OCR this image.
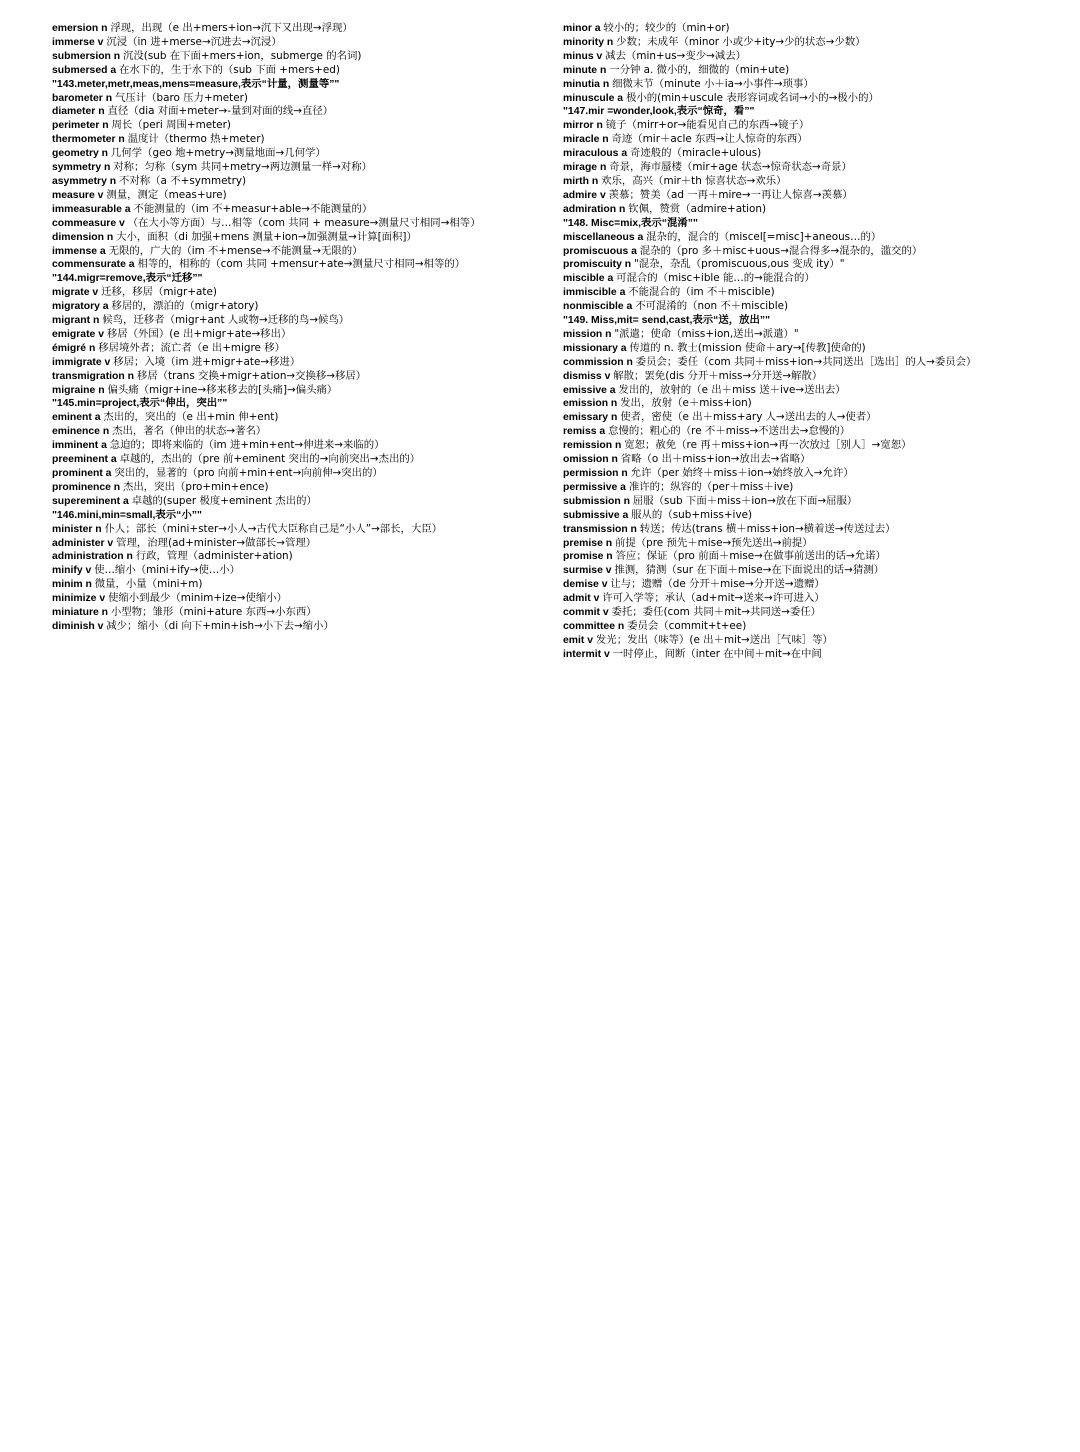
emersion n 浮现，出现（e 出+mers+ion→沉下又出现→浮现）

immerse v 沉浸（in 进+merse→沉进去→沉浸）

submersion n 沉没(sub 在下面+mers+ion，submerge 的名词)

submersed a 在水下的，生于水下的（sub 下面 +mers+ed)

"143.meter,metr,meas,mens=measure,表示“计量，测量等”"

barometer n 气压计（baro 压力+meter)

diameter n 直径（dia 对面+meter→-量到对面的线→直径）

perimeter n 周长（peri 周围+meter)

thermometer n 温度计（thermo 热+meter)

geometry n 几何学（geo 地+metry→测量地面→几何学）

symmetry n 对称；匀称（sym 共同+metry→两边测量一样→对称）

asymmetry n 不对称（a 不+symmetry)

measure v 测量，测定（meas+ure)

immeasurable a 不能测量的（im 不+measur+able→不能测量的）

commeasure v （在大小等方面）与…相等（com 共同 + measure→测量尺寸相同→相等）

dimension n 大小，面积（di 加强+mens 测量+ion→加强测量→计算[面积]）

immense a 无限的，广大的（im 不+mense→不能测量→无限的）

commensurate a 相等的，相称的（com 共同 +mensur+ate→测量尺寸相同→相等的）

"144.migr=remove,表示“迁移”"

migrate v 迁移，移居（migr+ate)

migratory a 移居的，漂泊的（migr+atory)

migrant n 候鸟，迁移者（migr+ant 人或物→迁移的鸟→候鸟）

emigrate v 移居（外国）(e 出+migr+ate→移出）

émigré n 移居境外者；流亡者（e 出+migre 移）

immigrate v 移居；入境（im 进+migr+ate→移进）

transmigration n 移居（trans 交换+migr+ation→交换移→移居）

migraine n 偏头痛（migr+ine→移来移去的[头痛]→偏头痛）

"145.min=project,表示“伸出，突出”"

eminent a 杰出的，突出的（e 出+min 伸+ent)

eminence n 杰出，著名（伸出的状态→著名）

imminent a 急迫的；即将来临的（im 进+min+ent→伸进来→来临的）

preeminent a 卓越的，杰出的（pre 前+eminent 突出的→向前突出→杰出的）

prominent a 突出的，显著的（pro 向前+min+ent→向前伸→突出的）

prominence n 杰出，突出（pro+min+ence)

supereminent a 卓越的(super 极度+eminent 杰出的）

"146.mini,min=small,表示“小”"

minister n 仆人；部长（mini+ster→小人→古代大臣称自己是“小人”→部长，大臣）

administer v 管理，治理(ad+minister→做部长→管理）

administration n 行政，管理（administer+ation)

minify v 使…缩小（mini+ify→使…小）

minim n 微量，小量（mini+m)

minimize v 使缩小到最少（minim+ize→使缩小）

miniature n 小型物；雏形（mini+ature 东西→小东西）

diminish v 减少；缩小（di 向下+min+ish→小下去→缩小）

minor a 较小的；较少的（min+or)

minority n 少数；未成年（minor 小或少+ity→少的状态→少数）

minus v 减去（min+us→变少→减去）

minute n 一分钟 a. 微小的，细微的（min+ute)

minutia n 细微末节（minute 小＋ia→小事件→琐事）

minuscule a 极小的(min+uscule 表形容词或名词→小的→极小的）

"147.mir =wonder,look,表示“惊奇，看”"

mirror n 镜子（mirr+or→能看见自己的东西→镜子）

miracle n 奇迹（mir＋acle 东西→让人惊奇的东西）

miraculous a 奇迹般的（miracle+ulous)

mirage n 奇景，海市蜃楼（mir+age 状态→惊奇状态→奇景）

mirth n 欢乐，高兴（mir＋th 惊喜状态→欢乐）

admire v 羡慕；赞美（ad 一再＋mire→一再让人惊喜→羡慕）

admiration n 钦佩，赞赏（admire+ation)

"148. Misc=mix,表示“混淆”"

miscellaneous a 混杂的，混合的（miscel[=misc]+aneous…的）

promiscuous a 混杂的（pro 多＋misc+uous→混合得多→混杂的，滥交的）

promiscuity n "混杂，杂乱（promiscuous,ous 变成 ity）"

miscible a 可混合的（misc+ible 能…的→能混合的）

immiscible a 不能混合的（im 不＋miscible)

nonmiscible a 不可混淆的（non 不＋miscible)

"149. Miss,mit= send,cast,表示“送，放出”"

mission n "派遣；使命（miss+ion,送出→派遣）"

missionary a 传道的 n. 教士(mission 使命＋ary→[传教]使命的)

commission n 委员会；委任（com 共同＋miss+ion→共同送出［选出］的人→委员会）

dismiss v 解散；罢免(dis 分开＋miss→分开送→解散）

emissive a 发出的，放射的（e 出＋miss 送＋ive→送出去）

emission n 发出，放射（e＋miss+ion)

emissary n 使者，密使（e 出＋miss+ary 人→送出去的人→使者）

remiss a 怠慢的；粗心的（re 不＋miss→不送出去→怠慢的）

remission n 宽恕；赦免（re 再＋miss+ion→再一次放过［别人］→宽恕）

omission n 省略（o 出＋miss+ion→放出去→省略）

permission n 允许（per 始终＋miss＋ion→始终放入→允许）

permissive a 准许的；纵容的（per＋miss＋ive)

submission n 屈服（sub 下面＋miss＋ion→放在下面→屈服）

submissive a 服从的（sub+miss+ive)

transmission n 转送；传达(trans 横＋miss+ion→横着送→传送过去）

premise n 前提（pre 预先＋mise→预先送出→前提）

promise n 答应；保证（pro 前面＋mise→在做事前送出的话→允诺）

surmise v 推测，猜测（sur 在下面＋mise→在下面说出的话→猜测）

demise v 让与；遗赠（de 分开＋mise→分开送→遗赠）

admit v 许可入学等；承认（ad+mit→送来→许可进入）

commit v 委托；委任(com 共同＋mit→共同送→委任）

committee n 委员会（commit+t+ee)

emit v 发光；发出（味等）(e 出＋mit→送出［气味］等）

intermit v 一时停止，间断（inter 在中间＋mit→在中间
